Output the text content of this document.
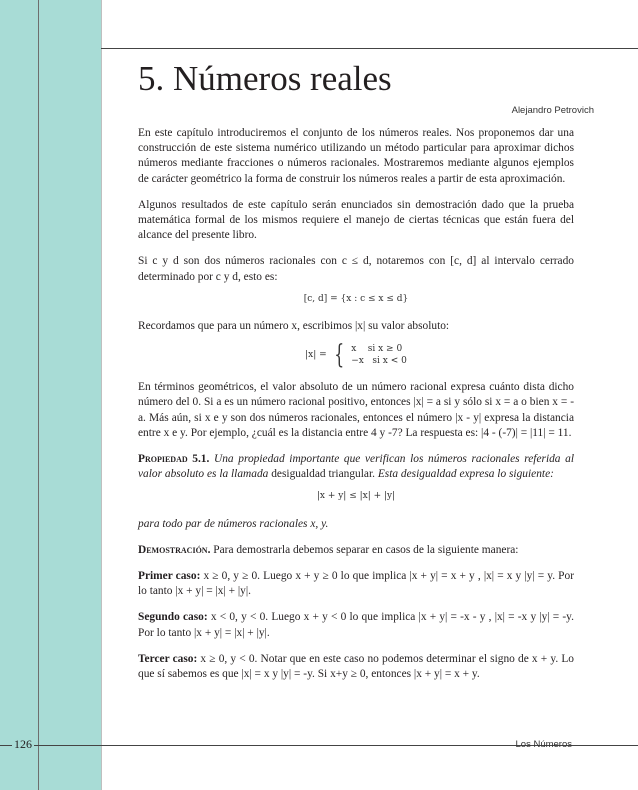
5. Números reales
Alejandro Petrovich

En este capítulo introduciremos el conjunto de los números reales. Nos proponemos dar una construcción de este sistema numérico utilizando un método particular para aproximar dichos números mediante fracciones o números racionales. Mostraremos mediante algunos ejemplos de carácter geométrico la forma de construir los números reales a partir de esta aproximación.

Algunos resultados de este capítulo serán enunciados sin demostración dado que la prueba matemática formal de los mismos requiere el manejo de ciertas técnicas que están fuera del alcance del presente libro.

Si c y d son dos números racionales con c ≤ d, notaremos con [c, d] al intervalo cerrado determinado por c y d, esto es:

[c, d] = {x : c ≤ x ≤ d}

Recordamos que para un número x, escribimos |x| su valor absoluto:

|x| = { x    si x ≥ 0
−x   si x < 0

En términos geométricos, el valor absoluto de un número racional expresa cuánto dista dicho número del 0. Si a es un número racional positivo, entonces |x| = a si y sólo si x = a o bien x = -a. Más aún, si x e y son dos números racionales, entonces el número |x - y| expresa la distancia entre x e y. Por ejemplo, ¿cuál es la distancia entre 4 y -7? La respuesta es: |4 - (-7)| = |11| = 11.

Propiedad 5.1. Una propiedad importante que verifican los números racionales referida al valor absoluto es la llamada desigualdad triangular. Esta desigualdad expresa lo siguiente:

|x + y| ≤ |x| + |y|

para todo par de números racionales x, y.

Demostración. Para demostrarla debemos separar en casos de la siguiente manera:

Primer caso: x ≥ 0, y ≥ 0. Luego x + y ≥ 0 lo que implica |x + y| = x + y , |x| = x y |y| = y. Por lo tanto |x + y| = |x| + |y|.

Segundo caso: x < 0, y < 0. Luego x + y < 0 lo que implica |x + y| = -x - y , |x| = -x y |y| = -y. Por lo tanto |x + y| = |x| + |y|.

Tercer caso: x ≥ 0, y < 0. Notar que en este caso no podemos determinar el signo de x + y. Lo que sí sabemos es que |x| = x y |y| = -y. Si x+y ≥ 0, entonces |x + y| = x + y.

126	Los Números
